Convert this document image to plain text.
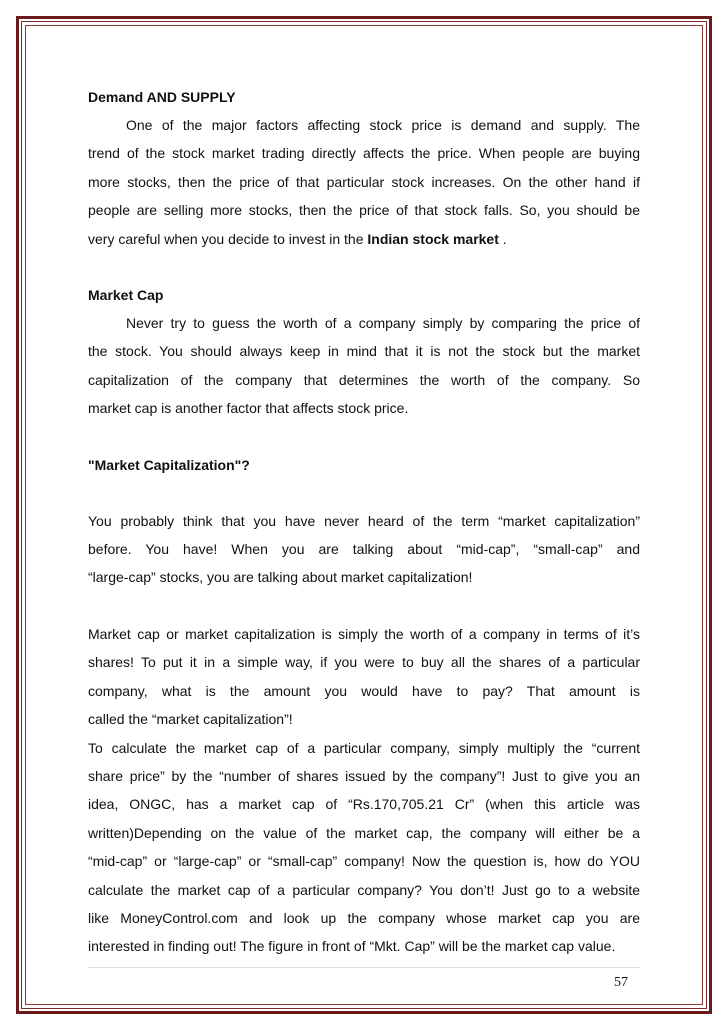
Demand AND SUPPLY
One of the major factors affecting stock price is demand and supply. The
trend of the stock market trading directly affects the price. When people are buying
more stocks, then the price of that particular stock increases. On the other hand if
people are selling more stocks, then the price of that stock falls. So, you should be
very careful when you decide to invest in the Indian stock market .
Market Cap
Never try to guess the worth of a company simply by comparing the price of
the stock. You should always keep in mind that it is not the stock but the market
capitalization of the company that determines the worth of the company. So
market cap is another factor that affects stock price.
"Market Capitalization"?
You probably think that you have never heard of the term “market capitalization”
before. You have! When you are talking about “mid-cap”, “small-cap” and
“large-cap” stocks, you are talking about market capitalization!
Market cap or market capitalization is simply the worth of a company in terms of it’s
shares! To put it in a simple way, if you were to buy all the shares of a particular
company, what is the amount you would have to pay? That amount is
called the “market capitalization”!
To calculate the market cap of a particular company, simply multiply the “current
share price” by the “number of shares issued by the company”! Just to give you an
idea, ONGC, has a market cap of “Rs.170,705.21 Cr” (when this article was
written)Depending on the value of the market cap, the company will either be a
“mid-cap” or “large-cap” or “small-cap” company! Now the question is, how do YOU
calculate the market cap of a particular company? You don’t! Just go to a website
like MoneyControl.com and look up the company whose market cap you are
interested in finding out! The figure in front of “Mkt. Cap” will be the market cap value.
57
